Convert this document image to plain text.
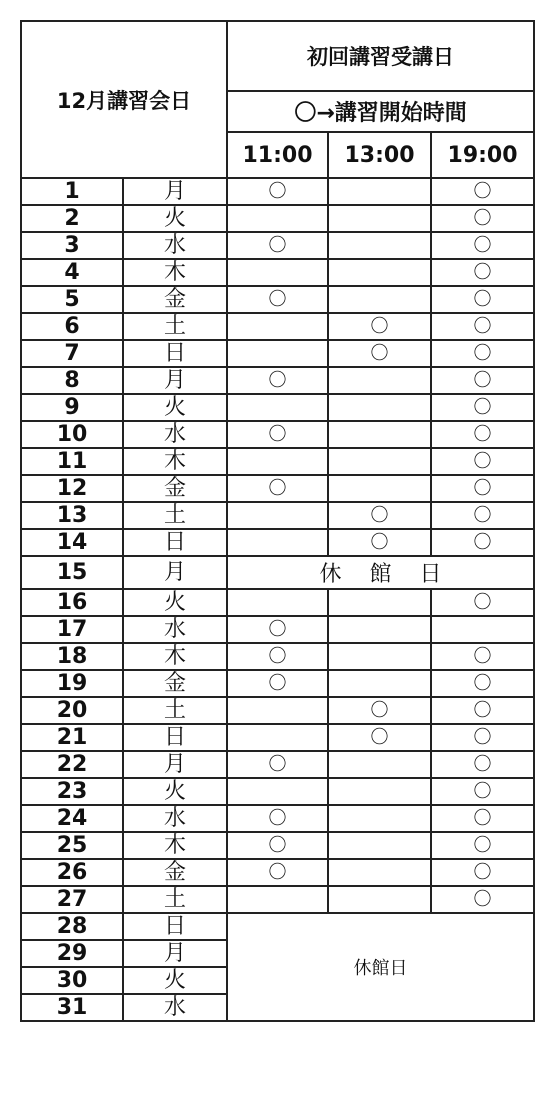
12月講習会日		初回講習受講日		
		〇→講習開始時間		
		11:00	13:00	19:00
1	月	〇		〇
2	火			〇
3	水	〇		〇
4	木			〇
5	金	〇		〇
6	土		〇	〇
7	日		〇	〇
8	月	〇		〇
9	火			〇
10	水	〇		〇
11	木			〇
12	金	〇		〇
13	土		〇	〇
14	日		〇	〇
15	月	休館日		
16	火			〇
17	水	〇		
18	木	〇		〇
19	金	〇		〇
20	土		〇	〇
21	日		〇	〇
22	月	〇		〇
23	火			〇
24	水	〇		〇
25	木	〇		〇
26	金	〇		〇
27	土			〇
28	日	休館日		
29	月			
30	火			
31	水			
